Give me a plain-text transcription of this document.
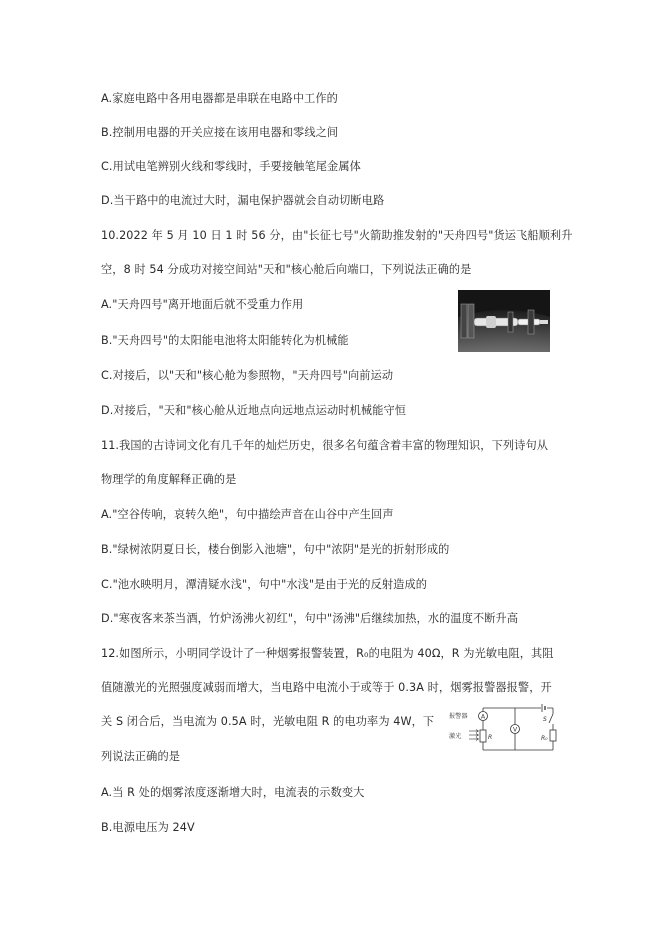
A.家庭电路中各用电器都是串联在电路中工作的
B.控制用电器的开关应接在该用电器和零线之间
C.用试电笔辨别火线和零线时，手要接触笔尾金属体
D.当干路中的电流过大时，漏电保护器就会自动切断电路
10.2022 年 5 月 10 日 1 时 56 分，由"长征七号"火箭助推发射的"天舟四号"货运飞船顺利升
空，8 时 54 分成功对接空间站"天和"核心舱后向端口，下列说法正确的是
A."天舟四号"离开地面后就不受重力作用
B."天舟四号"的太阳能电池将太阳能转化为机械能
C.对接后，以"天和"核心舱为参照物，"天舟四号"向前运动
D.对接后，"天和"核心舱从近地点向远地点运动时机械能守恒
11.我国的古诗词文化有几千年的灿烂历史，很多名句蕴含着丰富的物理知识，下列诗句从
物理学的角度解释正确的是
A."空谷传响，哀转久绝"，句中描绘声音在山谷中产生回声
B."绿树浓阴夏日长，楼台倒影入池塘"，句中"浓阴"是光的折射形成的
C."池水映明月，潭清疑水浅"，句中"水浅"是由于光的反射造成的
D."寒夜客来茶当酒，竹炉汤沸火初红"，句中"汤沸"后继续加热，水的温度不断升高
12.如图所示，小明同学设计了一种烟雾报警装置，R₀的电阻为 40Ω，R 为光敏电阻，其阻
值随激光的光照强度减弱而增大，当电路中电流小于或等于 0.3A 时，烟雾报警器报警，开
关 S 闭合后，当电流为 0.5A 时，光敏电阻 R 的电功率为 4W，下
列说法正确的是
A
报警器
R
激光
V
S
R₀
A.当 R 处的烟雾浓度逐渐增大时，电流表的示数变大
B.电源电压为 24V
